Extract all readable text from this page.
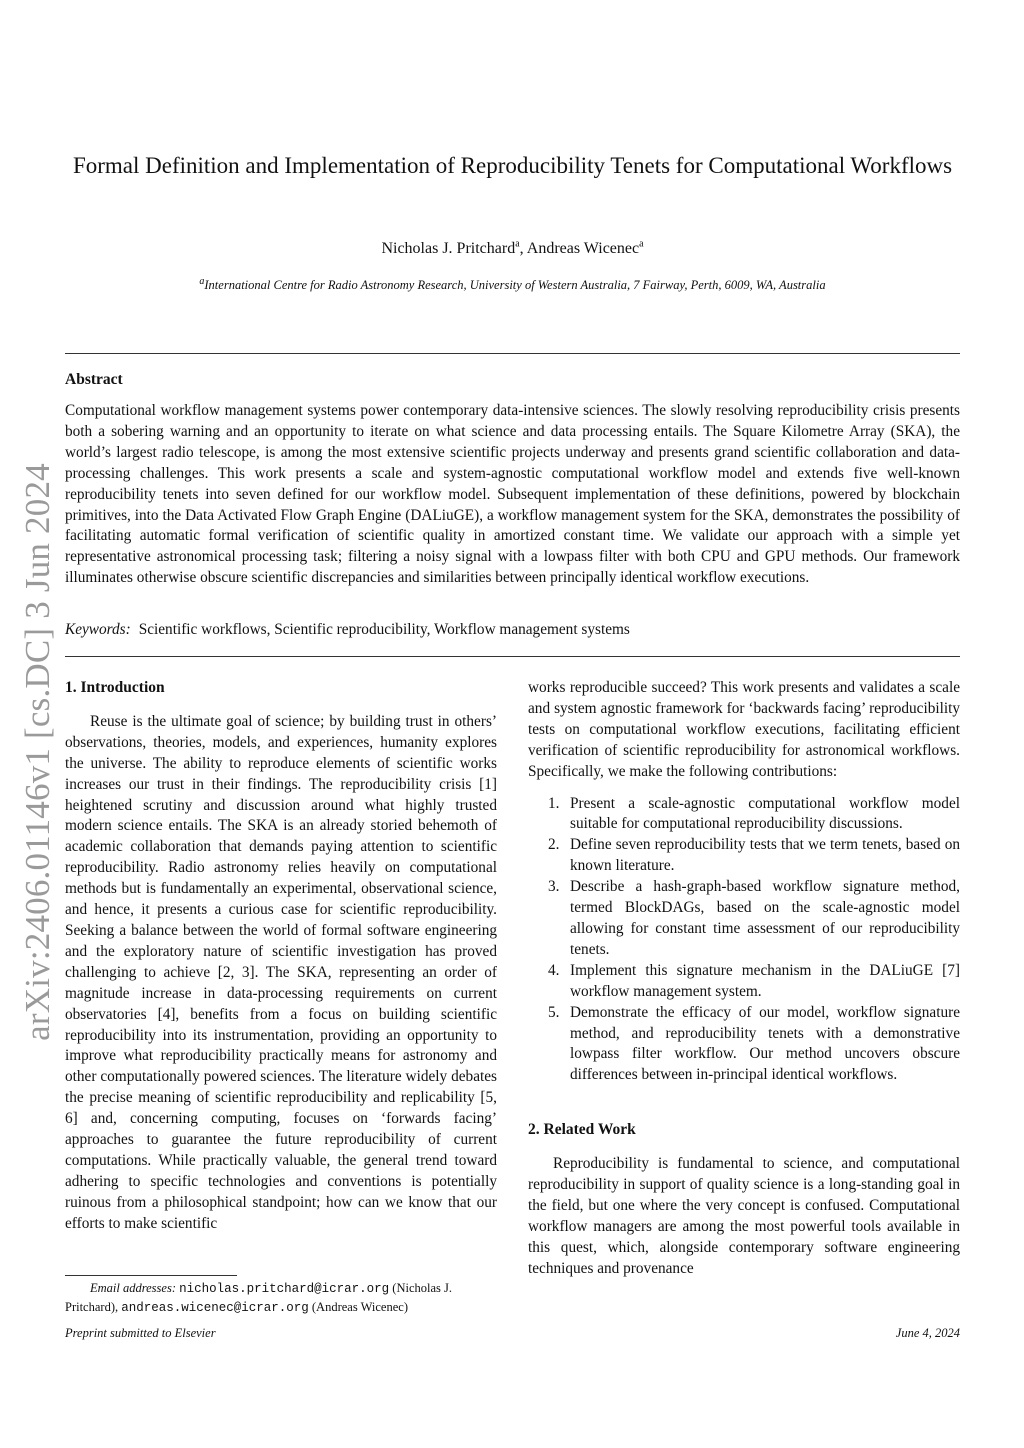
arXiv:2406.01146v1 [cs.DC] 3 Jun 2024
Formal Definition and Implementation of Reproducibility Tenets for Computational Workflows
Nicholas J. Pritchard$^a$, Andreas Wicenec$^a$
$^a$International Centre for Radio Astronomy Research, University of Western Australia, 7 Fairway, Perth, 6009, WA, Australia
Abstract
Computational workflow management systems power contemporary data-intensive sciences. The slowly resolving reproducibility crisis presents both a sobering warning and an opportunity to iterate on what science and data processing entails. The Square Kilometre Array (SKA), the world’s largest radio telescope, is among the most extensive scientific projects underway and presents grand scientific collaboration and data-processing challenges. This work presents a scale and system-agnostic computational workflow model and extends five well-known reproducibility tenets into seven defined for our workflow model. Subsequent implementation of these definitions, powered by blockchain primitives, into the Data Activated Flow Graph Engine (DALiuGE), a workflow management system for the SKA, demonstrates the possibility of facilitating automatic formal verification of scientific quality in amortized constant time. We validate our approach with a simple yet representative astronomical processing task; filtering a noisy signal with a lowpass filter with both CPU and GPU methods. Our framework illuminates otherwise obscure scientific discrepancies and similarities between principally identical workflow executions.
Keywords: Scientific workflows, Scientific reproducibility, Workflow management systems
1. Introduction

Reuse is the ultimate goal of science; by building trust in others’ observations, theories, models, and experiences, humanity explores the universe. The ability to reproduce elements of scientific works increases our trust in their findings. The reproducibility crisis [1] heightened scrutiny and discussion around what highly trusted modern science entails. The SKA is an already storied behemoth of academic collaboration that demands paying attention to scientific reproducibility. Radio astronomy relies heavily on computational methods but is fundamentally an experimental, observational science, and hence, it presents a curious case for scientific reproducibility. Seeking a balance between the world of formal software engineering and the exploratory nature of scientific investigation has proved challenging to achieve [2, 3]. The SKA, representing an order of magnitude increase in data-processing requirements on current observatories [4], benefits from a focus on building scientific reproducibility into its instrumentation, providing an opportunity to improve what reproducibility practically means for astronomy and other computationally powered sciences. The literature widely debates the precise meaning of scientific reproducibility and replicability [5, 6] and, concerning computing, focuses on ‘forwards facing’ approaches to guarantee the future reproducibility of current computations. While practically valuable, the general trend toward adhering to specific technologies and conventions is potentially ruinous from a philosophical standpoint; how can we know that our efforts to make scientific

works reproducible succeed? This work presents and validates a scale and system agnostic framework for ‘backwards facing’ reproducibility tests on computational workflow executions, facilitating efficient verification of scientific reproducibility for astronomical workflows. Specifically, we make the following contributions:

1. Present a scale-agnostic computational workflow model suitable for computational reproducibility discussions.
2. Define seven reproducibility tests that we term tenets, based on known literature.
3. Describe a hash-graph-based workflow signature method, termed BlockDAGs, based on the scale-agnostic model allowing for constant time assessment of our reproducibility tenets.
4. Implement this signature mechanism in the DALiuGE [7] workflow management system.
5. Demonstrate the efficacy of our model, workflow signature method, and reproducibility tenets with a demonstrative lowpass filter workflow. Our method uncovers obscure differences between in-principal identical workflows.
2. Related Work

Reproducibility is fundamental to science, and computational reproducibility in support of quality science is a long-standing goal in the field, but one where the very concept is confused. Computational workflow managers are among the most powerful tools available in this quest, which, alongside contemporary software engineering techniques and provenance

Email addresses: nicholas.pritchard@icrar.org (Nicholas J. Pritchard), andreas.wicenec@icrar.org (Andreas Wicenec)
Preprint submitted to Elsevier	June 4, 2024
